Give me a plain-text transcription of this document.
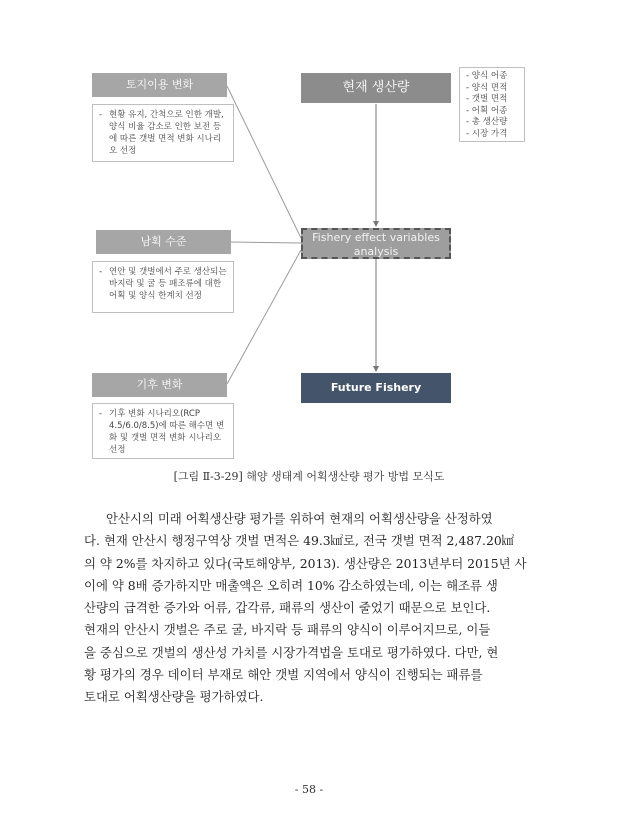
토지이용 변화
- 현황 유지, 간척으로 인한 개발, 양식 비율 감소로 인한 보전 등에 따른 갯벌 면적 변화 시나리오 선정
남획 수준
- 연안 및 갯벌에서 주로 생산되는 바지락 및 굴 등 패조류에 대한 어획 및 양식 한계치 선정
기후 변화
- 기후 변화 시나리오(RCP 4.5/6.0/8.5)에 따른 해수면 변화 및 갯벌 면적 변화 시나리오 선정
현재 생산량
- 양식 어종
- 양식 면적
- 갯벌 면적
- 어획 어종
- 총 생산량
- 시장 가격
Fishery effect variables analysis
Future Fishery
[그림 Ⅱ-3-29] 해양 생태계 어획생산량 평가 방법 모식도
안산시의 미래 어획생산량 평가를 위하여 현재의 어획생산량을 산정하였
다. 현재 안산시 행정구역상 갯벌 면적은 49.3㎢로, 전국 갯벌 면적 2,487.20㎢
의 약 2%를 차지하고 있다(국토해양부, 2013). 생산량은 2013년부터 2015년 사
이에 약 8배 증가하지만 매출액은 오히려 10% 감소하였는데, 이는 해조류 생
산량의 급격한 증가와 어류, 갑각류, 패류의 생산이 줄었기 때문으로 보인다.
현재의 안산시 갯벌은 주로 굴, 바지락 등 패류의 양식이 이루어지므로, 이들
을 중심으로 갯벌의 생산성 가치를 시장가격법을 토대로 평가하였다. 다만, 현
황 평가의 경우 데이터 부재로 해안 갯벌 지역에서 양식이 진행되는 패류를
토대로 어획생산량을 평가하였다.
- 58 -
